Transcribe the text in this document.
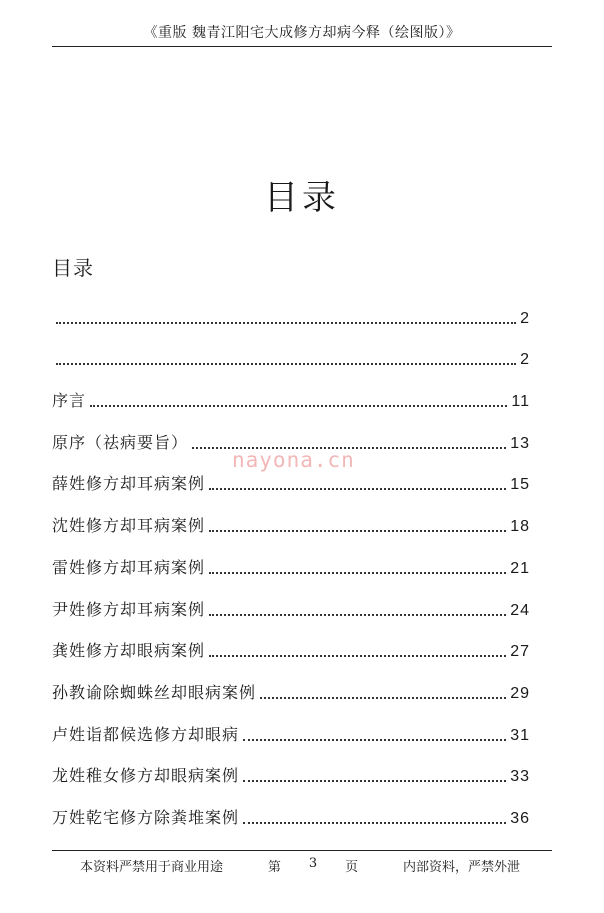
《重版 魏青江阳宅大成修方却病今释（绘图版）》
目录
目录
2
2
序言	11
原序（祛病要旨）	13
薛姓修方却耳病案例	15
沈姓修方却耳病案例	18
雷姓修方却耳病案例	21
尹姓修方却耳病案例	24
龚姓修方却眼病案例	27
孙教谕除蜘蛛丝却眼病案例	29
卢姓诣都候选修方却眼病	31
龙姓稚女修方却眼病案例	33
万姓乾宅修方除粪堆案例	36
nayona.cn
本资料严禁用于商业用途	第 3 页	内部资料，严禁外泄
